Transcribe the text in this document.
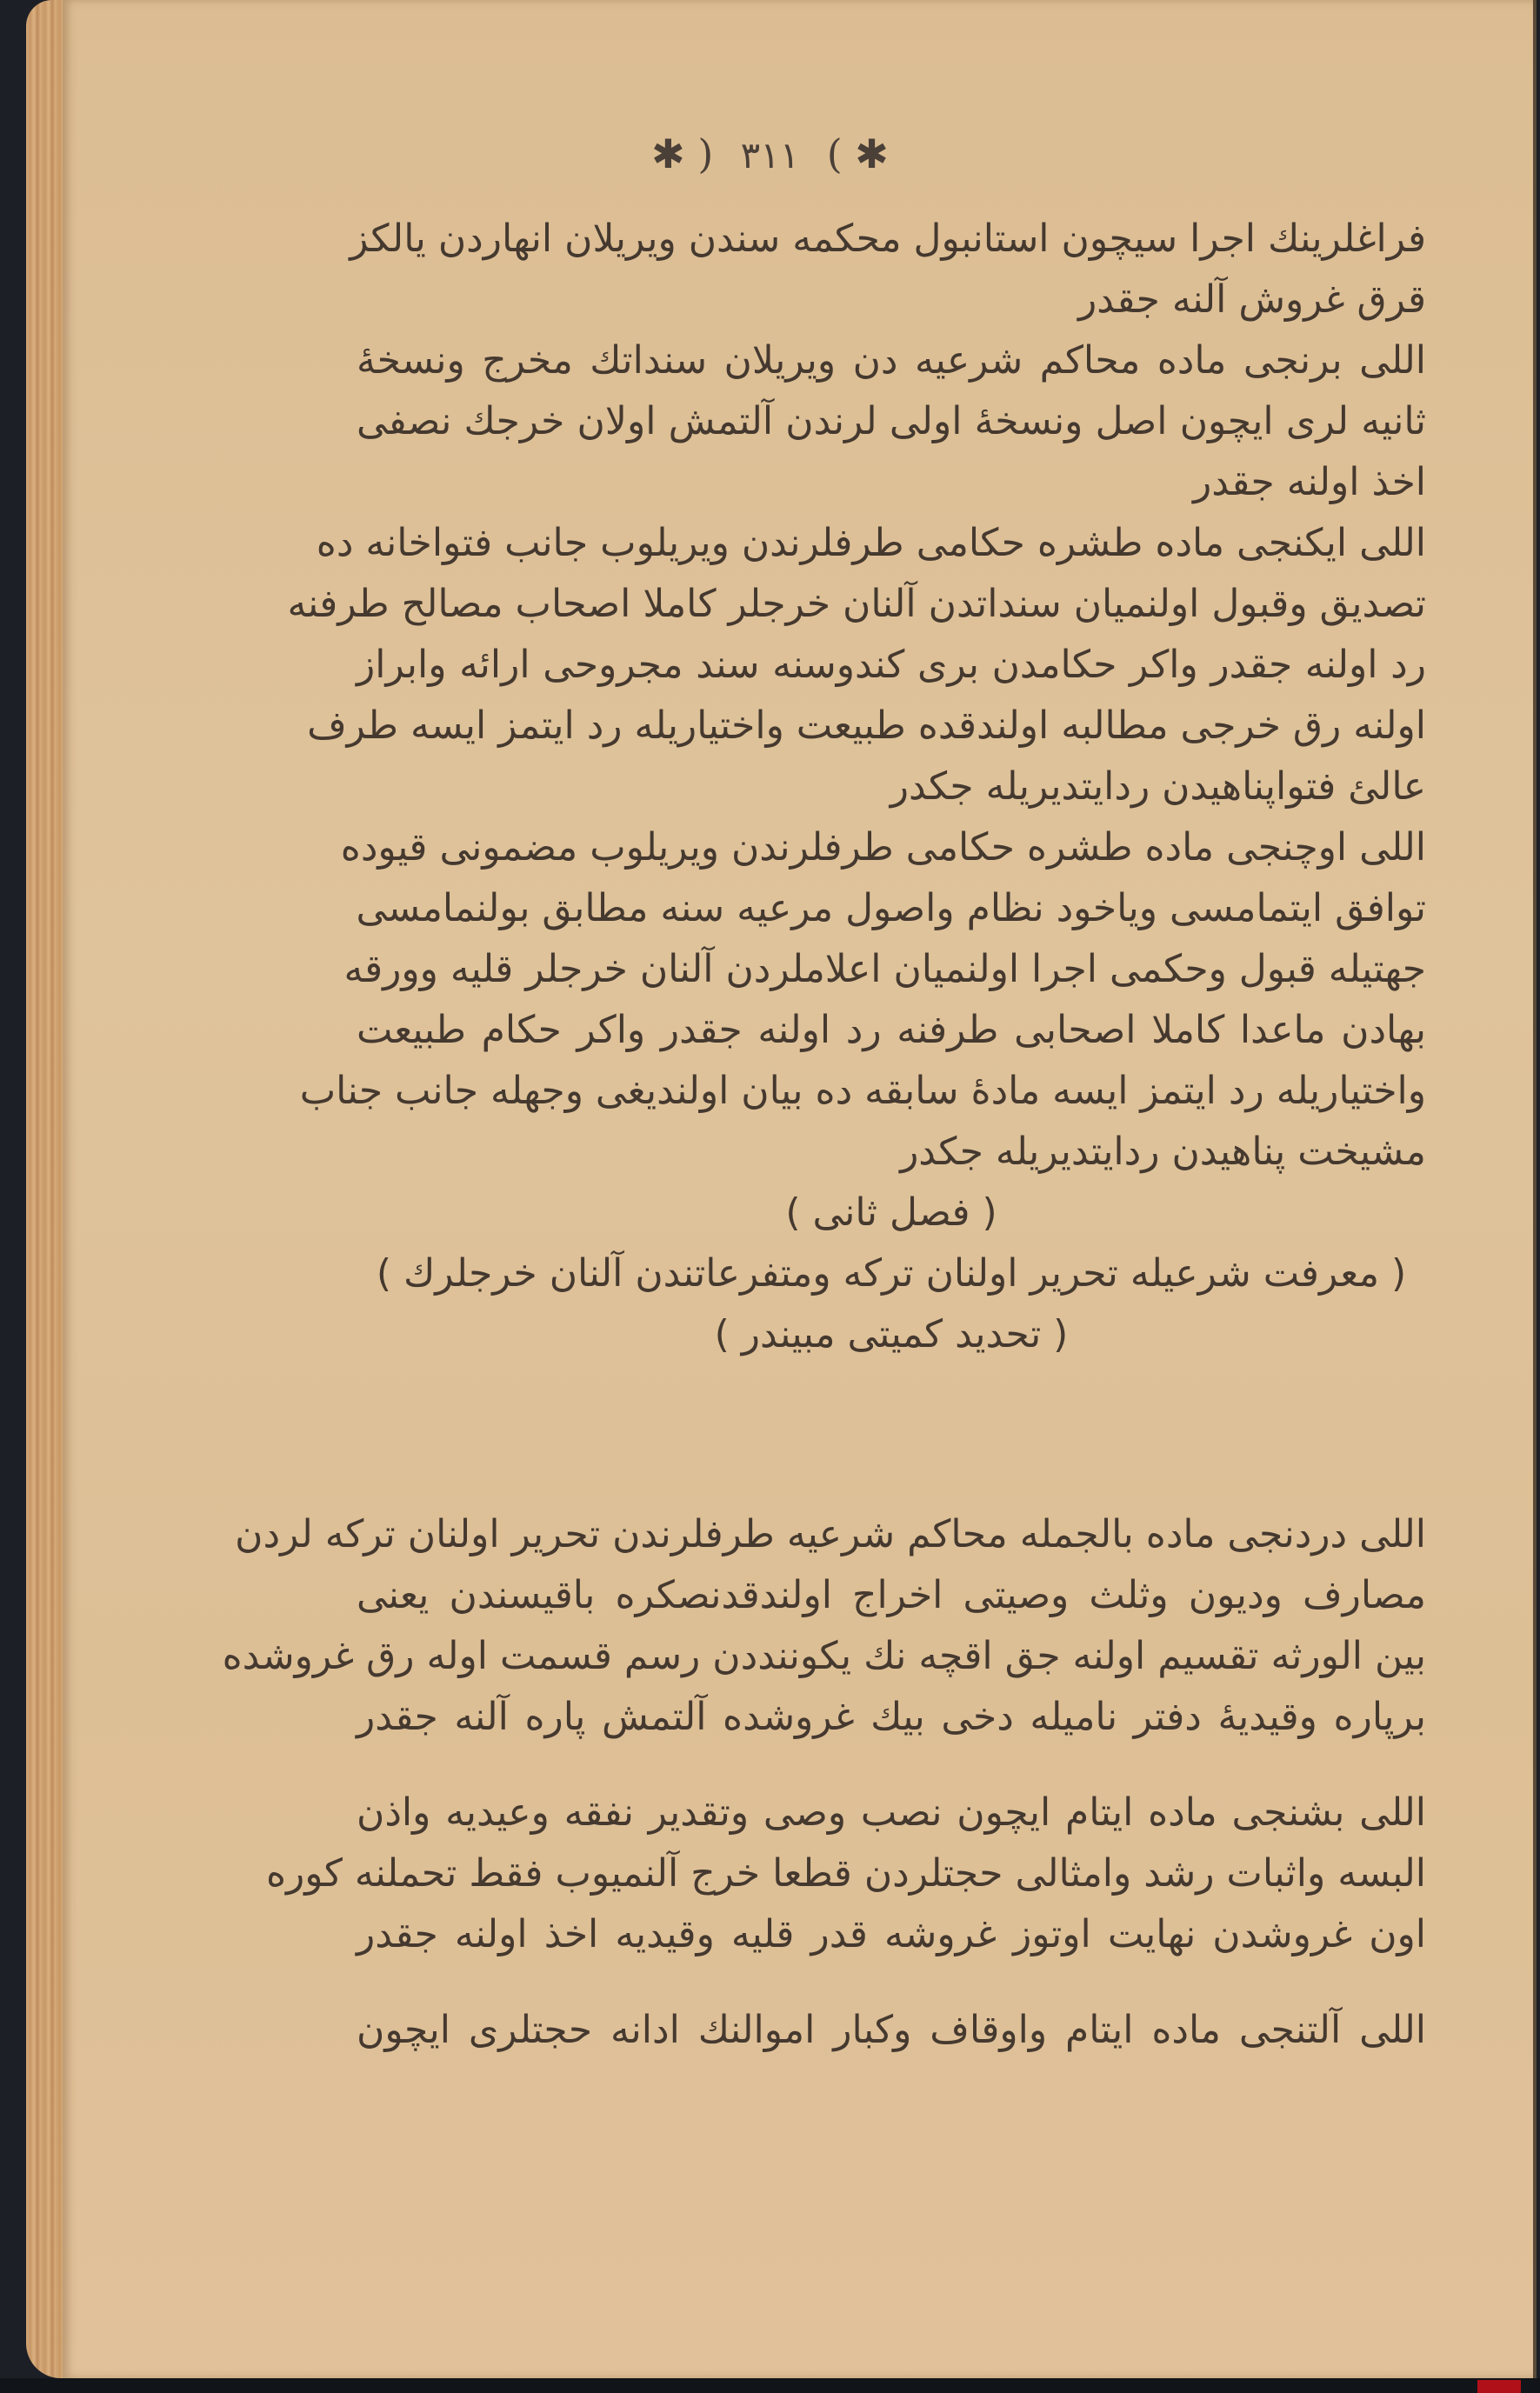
✱ ) ٣١١ ( ✱
فراغلرينك اجرا سيچون استانبول محكمه سندن ويريلان انهاردن يالكز
قرق غروش آلنه جقدر
اللى برنجى ماده محاكم شرعيه دن ويريلان سنداتك مخرج ونسخهٔ
ثانيه لرى ايچون اصل ونسخهٔ اولى لرندن آلتمش اولان خرجك نصفى
اخذ اولنه جقدر
اللى ايكنجى ماده طشره حكامى طرفلرندن ويريلوب جانب فتواخانه ده
تصديق وقبول اولنميان سنداتدن آلنان خرجلر كاملا اصحاب مصالح طرفنه
رد اولنه جقدر واكر حكامدن برى كندوسنه سند مجروحى ارائه وابراز
اولنه رق خرجى مطالبه اولندقده طبيعت واختياريله رد ايتمز ايسه طرف
عالئ فتواپناهيدن ردايتديريله جكدر
اللى اوچنجى ماده طشره حكامى طرفلرندن ويريلوب مضمونى قيوده
توافق ايتمامسى وياخود نظام واصول مرعيه سنه مطابق بولنمامسى
جهتيله قبول وحكمى اجرا اولنميان اعلاملردن آلنان خرجلر قليه وورقه
بهادن ماعدا كاملا اصحابى طرفنه رد اولنه جقدر واكر حكام طبيعت
واختياريله رد ايتمز ايسه مادهٔ سابقه ده بيان اولنديغى وجهله جانب جناب
مشيخت پناهيدن ردايتديريله جكدر
( فصل ثانى )
( معرفت شرعيله تحرير اولنان تركه ومتفرعاتندن آلنان خرجلرك )
( تحديد كميتى مبيندر )
اللى دردنجى ماده بالجمله محاكم شرعيه طرفلرندن تحرير اولنان تركه لردن
مصارف وديون وثلث وصيتى اخراج اولندقدنصكره باقيسندن يعنى
بين الورثه تقسيم اولنه جق اقچه نك يكوننددن رسم قسمت اوله رق غروشده
برپاره وقيديهٔ دفتر ناميله دخى بيك غروشده آلتمش پاره آلنه جقدر
اللى بشنجى ماده ايتام ايچون نصب وصى وتقدير نفقه وعيديه واذن
البسه واثبات رشد وامثالى حجتلردن قطعا خرج آلنميوب فقط تحملنه كوره
اون غروشدن نهايت اوتوز غروشه قدر قليه وقيديه اخذ اولنه جقدر
اللى آلتنجى ماده ايتام واوقاف وكبار اموالنك ادانه حجتلرى ايچون
